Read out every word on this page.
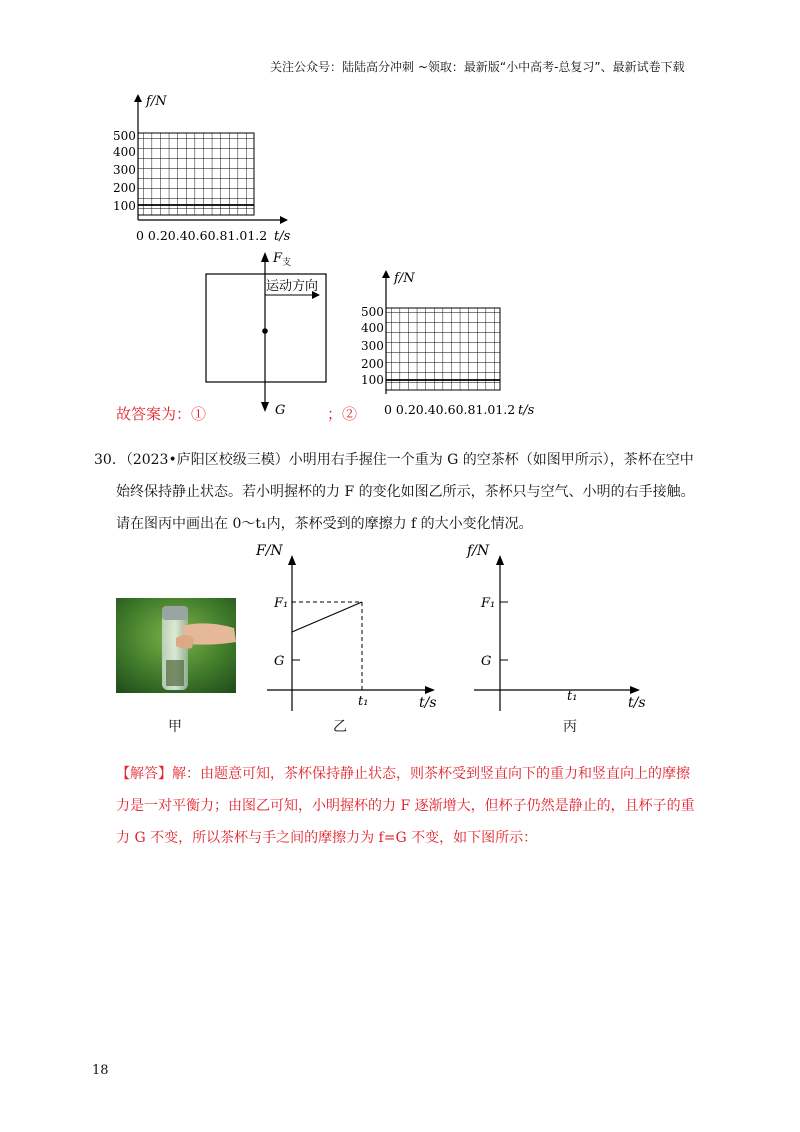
关注公众号：陆陆高分冲刺 ~领取：最新版“小中高考-总复习”、最新试卷下载
f/N
500
400
300
200
100
0 0.20.40.60.81.01.2 t/s
F 支
运动方向
G
f/N
500
400
300
200
100
0 0.20.40.60.81.01.2 t/s
故答案为：①	；②
30．（2023•庐阳区校级三模）小明用右手握住一个重为 G 的空茶杯（如图甲所示），茶杯在空中
始终保持静止状态。若小明握杯的力 F 的变化如图乙所示，茶杯只与空气、小明的右手接触。
请在图丙中画出在 0～t₁内，茶杯受到的摩擦力 f 的大小变化情况。
甲
F/N
F₁
G
t₁	t/s
乙
f/N
F₁
G
t₁	t/s
丙
【解答】解：由题意可知，茶杯保持静止状态，则茶杯受到竖直向下的重力和竖直向上的摩擦
力是一对平衡力；由图乙可知，小明握杯的力 F 逐渐增大，但杯子仍然是静止的，且杯子的重
力 G 不变，所以茶杯与手之间的摩擦力为 f=G 不变，如下图所示：
18
